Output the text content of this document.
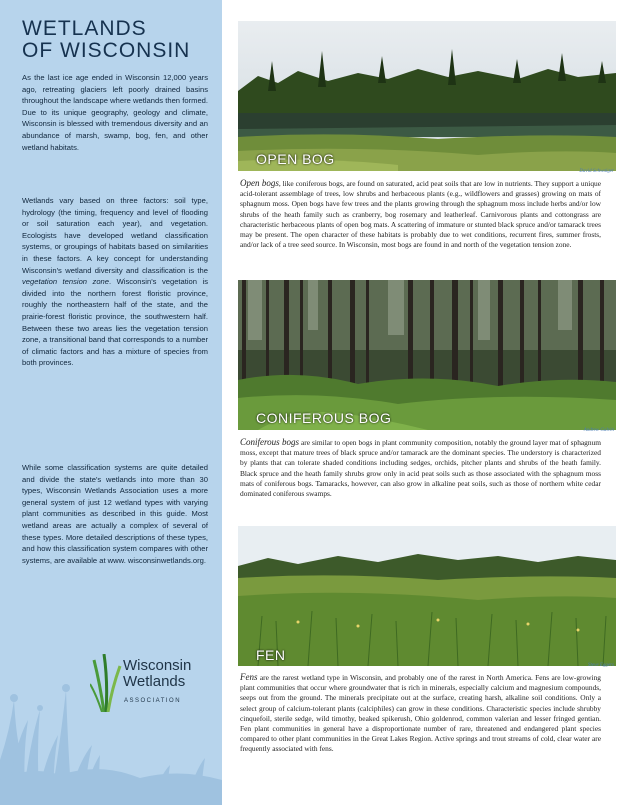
WETLANDS
OF WISCONSIN

As the last ice age ended in Wisconsin 12,000 years ago, retreating glaciers left poorly drained basins throughout the landscape where wetlands then formed. Due to its unique geography, geology and climate, Wisconsin is blessed with tremendous diversity and an abundance of marsh, swamp, bog, fen, and other wetland habitats.

Wetlands vary based on three factors: soil type, hydrology (the timing, frequency and level of flooding or soil saturation each year), and vegetation. Ecologists have developed wetland classification systems, or groupings of habitats based on similarities in these factors. A key concept for understanding Wisconsin's wetland diversity and classification is the vegetation tension zone. Wisconsin's vegetation is divided into the northern forest floristic province, roughly the northeastern half of the state, and the prairie-forest floristic province, the southwestern half. Between these two areas lies the vegetation tension zone, a transitional band that corresponds to a number of climatic factors and has a mixture of species from both provinces.

While some classification systems are quite detailed and divide the state's wetlands into more than 30 types, Wisconsin Wetlands Association uses a more general system of just 12 wetland types with varying plant communities as described in this guide. Most wetland areas are actually a complex of several of these types. More detailed descriptions of these types, and how this classification system compares with other systems, are available at www. wisconsinwetlands.org.

Wisconsin
Wetlands
ASSOCIATION
OPEN BOG
David Schwaiger

Open bogs, like coniferous bogs, are found on saturated, acid peat soils that are low in nutrients. They support a unique acid-tolerant assemblage of trees, low shrubs and herbaceous plants (e.g., wildflowers and grasses) growing on mats of sphagnum moss. Open bogs have few trees and the plants growing through the sphagnum moss include herbs and/or low shrubs of the heath family such as cranberry, bog rosemary and leatherleaf. Carnivorous plants and cottongrass are characteristic herbaceous plants of open bog mats. A scattering of immature or stunted black spruce and/or tamarack trees may be present. The open character of these habitats is probably due to wet conditions, recurrent fires, summer frosts, and/or lack of a tree seed source. In Wisconsin, most bogs are found in and north of the vegetation tension zone.

CONIFEROUS BOG
Andrew Galvin

Coniferous bogs are similar to open bogs in plant community composition, notably the ground layer mat of sphagnum moss, except that mature trees of black spruce and/or tamarack are the dominant species. The understory is characterized by plants that can tolerate shaded conditions including sedges, orchids, pitcher plants and shrubs of the heath family. Black spruce and the heath family shrubs grow only in acid peat soils such as those associated with the sphagnum moss mats of coniferous bogs. Tamaracks, however, can also grow in alkaline peat soils, such as those of northern white cedar dominated coniferous swamps.

FEN
Steve Eggers

Fens are the rarest wetland type in Wisconsin, and probably one of the rarest in North America. Fens are low-growing plant communities that occur where groundwater that is rich in minerals, especially calcium and magnesium compounds, seeps out from the ground. The minerals precipitate out at the surface, creating harsh, alkaline soil conditions. Only a select group of calcium-tolerant plants (calciphiles) can grow in these conditions. Characteristic species include shrubby cinquefoil, sterile sedge, wild timothy, beaked spikerush, Ohio goldenrod, common valerian and lesser fringed gentian. Fen plant communities in general have a disproportionate number of rare, threatened and endangered plant species compared to other plant communities in the Great Lakes Region. Active springs and trout streams of cold, clear water are frequently associated with fens.
